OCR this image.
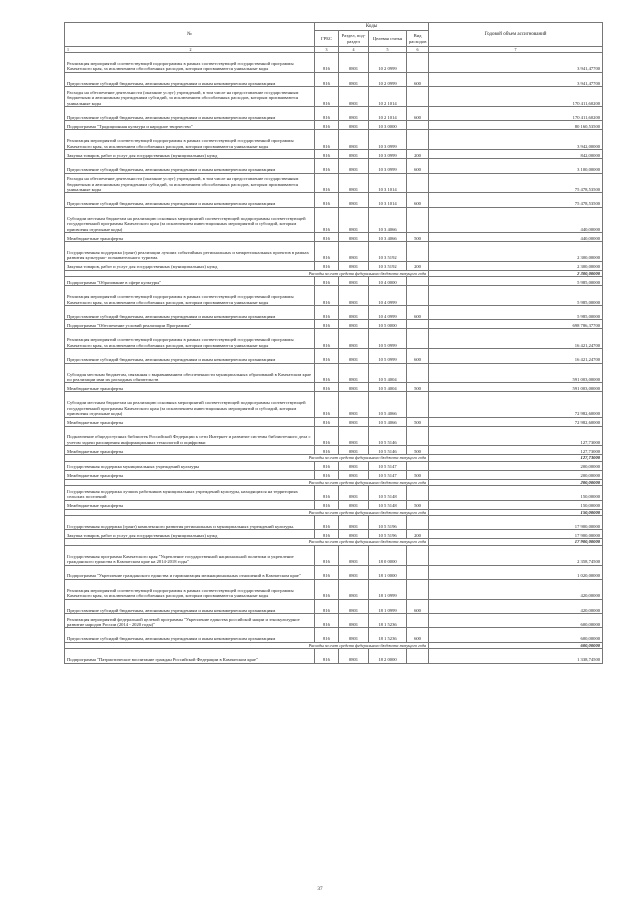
№	Коды				Годовой объем ассигнований
	ГРБС	Раздел, под-раздел	Целевая статья	Вид расходов	

1 2	3	4	5	6	7
Реализация мероприятий соответствующей подпрограммы в рамках соответствующей государственной программы Камчатского края, за исключением обособленных расходов, которым присваиваются уникальные коды	816	0801	10 2 0999		3 941,47700
Предоставление субсидий бюджетным, автономным учреждениям и иным некоммерческим организациям	816	0801	10 2 0999	600	3 941,47700
Расходы на обеспечение деятельности (оказание услуг) учреждений, в том числе на предоставление государственным бюджетным и автономным учреждениям субсидий, за исключением обособленных расходов, которым присваиваются уникальные коды	816	0801	10 2 1014		170 411,60200
Предоставление субсидий бюджетным, автономным учреждениям и иным некоммерческим организациям	816	0801	10 2 1014	600	170 411,60200
Подпрограмма "Традиционная культура и народное творчество"	816	0801	10 3 0000		80 160,53500
Реализация мероприятий соответствующей подпрограммы в рамках соответствующей государственной программы Камчатского края, за исключением обособленных расходов, которым присваиваются уникальные коды	816	0801	10 3 0999		3 942,00000
Закупка товаров, работ и услуг для государственных (муниципальных) нужд	816	0801	10 3 0999	200	842,00000
Предоставление субсидий бюджетным, автономным учреждениям и иным некоммерческим организациям	816	0801	10 3 0999	600	3 100,00000
Расходы на обеспечение деятельности (оказание услуг) учреждений, в том числе на предоставление государственным бюджетным и автономным учреждениям субсидий, за исключением обособленных расходов, которым присваиваются уникальные коды	816	0801	10 3 1014		75 478,53500
Предоставление субсидий бюджетным, автономным учреждениям и иным некоммерческим организациям	816	0801	10 3 1014	600	75 478,53500
Субсидии местным бюджетам на реализацию основных мероприятий соответствующей подпрограммы соответствующей государственной программы Камчатского края (за исключением инвестиционных мероприятий и субсидий, которым присвоены отдельные коды)	816	0801	10 3 4066		440,00000
Межбюджетные трансферты	816	0801	10 3 4066	500	440,00000
Государственная поддержка (грант) реализации лучших событийных региональных и межрегиональных проектов в рамках развития культурно- познавательного туризма.	816	0801	10 3 5192		2 300,00000
Закупка товаров, работ и услуг для государственных (муниципальных) нужд	816	0801	10 3 5192	200	2 300,00000
Расходы за счет средств федерального бюджета текущего года					2 300,00000
Подпрограмма "Образование в сфере культуры"	816	0801	10 4 0000		5 985,00000
Реализация мероприятий соответствующей подпрограммы в рамках соответствующей государственной программы Камчатского края, за исключением обособленных расходов, которым присваиваются уникальные коды	816	0801	10 4 0999		5 985,00000
Предоставление субсидий бюджетным, автономным учреждениям и иным некоммерческим организациям	816	0801	10 4 0999	600	5 985,00000
Подпрограмма "Обеспечение условий реализации Программы"	816	0801	10 5 0000		698 786,37700
Реализация мероприятий соответствующей подпрограммы в рамках соответствующей государственной программы Камчатского края, за исключением обособленных расходов, которым присваиваются уникальные коды	816	0801	10 5 0999		16 421,24700
Предоставление субсидий бюджетным, автономным учреждениям и иным некоммерческим организациям	816	0801	10 5 0999	600	16 421,24700
Субсидия местным бюджетам, связанная с выравниванием обеспеченности муниципальных образований в Камчатском крае по реализации ими их расходных обязательств	816	0801	10 5 4004		591 003,00000
Межбюджетные трансферты	816	0801	10 5 4004	500	591 003,00000
Субсидии местным бюджетам на реализацию основных мероприятий соответствующей подпрограммы соответствующей государственной программы Камчатского края (за исключением инвестиционных мероприятий и субсидий, которым присвоены отдельные коды)	816	0801	10 5 4066		72 982,60000
Межбюджетные трансферты	816	0801	10 5 4066	500	72 982,60000
Подключение общедоступных библиотек Российской Федерации к сети Интернет и развитие системы библиотечного дела с учетом задачи расширения информационных технологий и оцифровки	816	0801	10 5 5146		127,73000
Межбюджетные трансферты	816	0801	10 5 5146	500	127,73000
Расходы за счет средств федерального бюджета текущего года					127,73000
Государственная поддержка муниципальных учреждений культуры	816	0801	10 5 5147		200,00000
Межбюджетные трансферты	816	0801	10 5 5147	500	200,00000
Расходы за счет средств федерального бюджета текущего года					200,00000
Государственная поддержка лучших работников муниципальных учреждений культуры, находящихся на территориях сельских поселений	816	0801	10 5 5148		150,00000
Межбюджетные трансферты	816	0801	10 5 5148	500	150,00000
Расходы за счет средств федерального бюджета текущего года					150,00000
Государственная поддержка (грант) комплексного развития региональных и муниципальных учреждений культуры.	816	0801	10 5 5196		17 900,00000
Закупка товаров, работ и услуг для государственных (муниципальных) нужд	816	0801	10 5 5196	200	17 900,00000
Расходы за счет средств федерального бюджета текущего года					17 900,00000
Государственная программа Камчатского края "Укрепление государственной национальной политики и укрепление гражданского единства в Камчатском крае на 2014-2018 годы"	816	0801	18 0 0000		2 358,74500
Подпрограмма "Укрепление гражданского единства и гармонизация межнациональных отношений в Камчатском крае"	816	0801	18 1 0000		1 020,00000
Реализация мероприятий соответствующей подпрограммы в рамках соответствующей государственной программы Камчатского края, за исключением обособленных расходов, которым присваиваются уникальные коды	816	0801	18 1 0999		420,00000
Предоставление субсидий бюджетным, автономным учреждениям и иным некоммерческим организациям	816	0801	18 1 0999	600	420,00000
Реализация мероприятий федеральной целевой программы "Укрепление единства российской нации и этнокультурное развитие народов России (2014 - 2020 годы)"	816	0801	18 1 5236		600,00000
Предоставление субсидий бюджетным, автономным учреждениям и иным некоммерческим организациям	816	0801	18 1 5236	600	600,00000
Расходы за счет средств федерального бюджета текущего года					600,00000
Подпрограмма "Патриотическое воспитание граждан Российской Федерации в Камчатском крае"	816	0801	18 2 0000		1 338,74500
37
